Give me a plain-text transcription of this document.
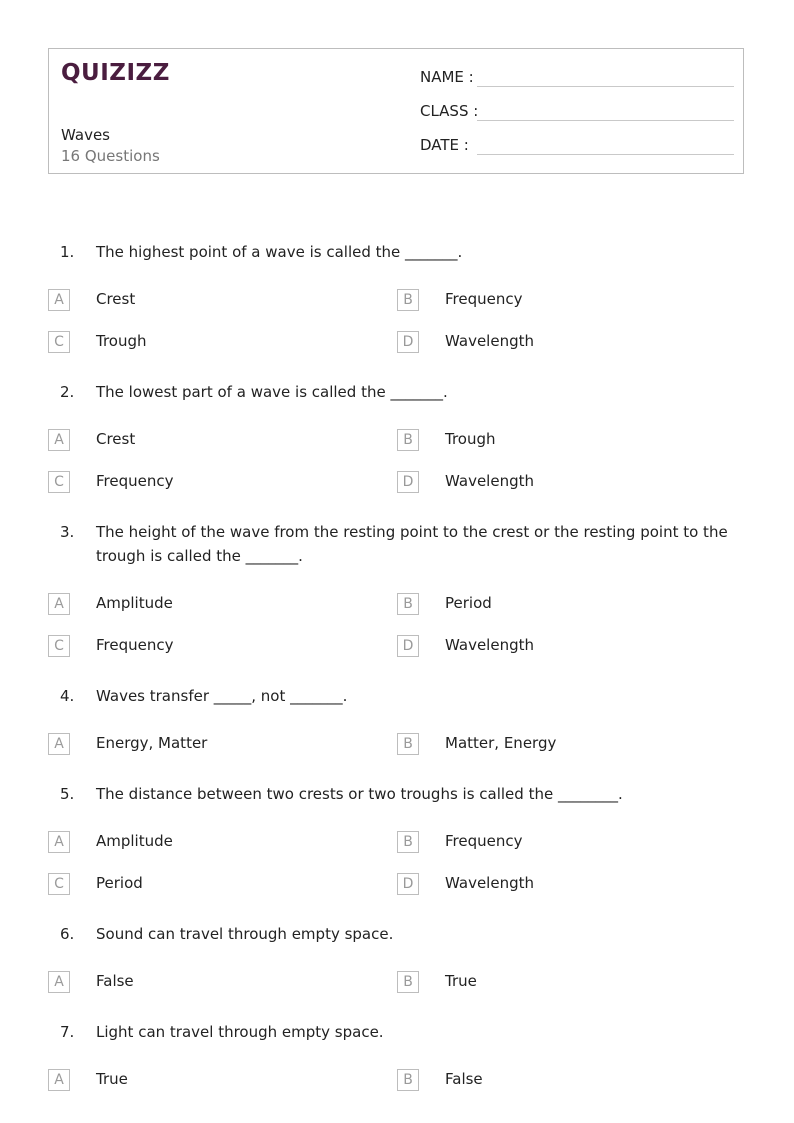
QUIZIZZ
Waves
16 Questions
NAME :
CLASS :
DATE :
1. The highest point of a wave is called the _______.
A	Crest	B	Frequency
C	Trough	D	Wavelength
2. The lowest part of a wave is called the _______.
A	Crest	B	Trough
C	Frequency	D	Wavelength
3. The height of the wave from the resting point to the crest or the resting point to the trough is called the _______.
A	Amplitude	B	Period
C	Frequency	D	Wavelength
4. Waves transfer _____, not _______.
A	Energy, Matter	B	Matter, Energy
5. The distance between two crests or two troughs is called the ________.
A	Amplitude	B	Frequency
C	Period	D	Wavelength
6. Sound can travel through empty space.
A	False	B	True
7. Light can travel through empty space.
A	True	B	False
